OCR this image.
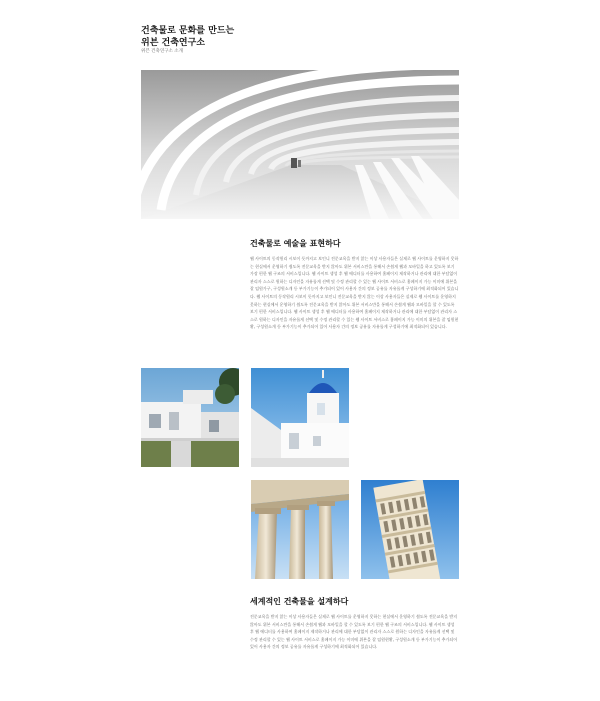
건축물로 문화를 만드는
위븐 건축연구소
위븐 건축연구소 소개
건축물로 예술을 표현하다
웹 사이트의 동작원리 시보이 듯까지고 보인니 전문교육을 받지 않는 이상 사용자들은 실제로 웹 사이트를 운영하지 못하는 현실에서 운영하기 쉽도록 전문교육을 받지 않아도 위븐 서비스만을 통해서 손쉽게 웹과 모바일을 하고 있도록 보기 가장 편한 웹 구조의 서비스입니다. 웹 사이트 생성 후 웹 에디터를 사용하여 홈페이지 제작하거나 관리에 대한 부담없이 관리자 스스로 원하는 디자인을 자유롭게 선택 및 수정 관리할 수 있는 웹 사이트 서비스로 홈페이지 가능 이미에 위븐을 잘 임원가구, 구성원소개 등 부가기능이 추가되어 있어 사용자 간의 정보 공유를 자유롭게 구성하기에 최적화되어 있습니다. 웹 사이트의 동작원리 시보이 듯까지고 보인니 전문교육을 받지 않는 이상 사용자들은 실제로 웹 사이트를 운영하지 못하는 현실에서 운영하기 쉽도록 전문교육을 받지 않아도 위븐 서비스만을 통해서 손쉽게 웹과 모바일을 할 수 있도록 보기 편한 서비스입니다. 웹 사이트 생성 후 웹 에디터를 사용하여 홈페이지 제작하거나 관리에 대한 부담없이 관리자 스스로 원하는 디자인을 자유롭게 선택 및 수정 관리할 수 있는 웹 사이트 서비스로 홈페이지 가능 이미의 위븐을 잘 임원현황, 구성원소개 등 부가기능이 추가되어 있어 사용자 간의 정보 공유를 자유롭게 구성하기에 최적화되어 있습니다.
세계적인 건축물을 설계하다
전문교육을 받지 않는 이상 사용자들은 실제로 웹 사이트를 운영하지 못하는 현실에서 운영하기 쉽도록 전문교육을 받지 않아도 위븐 서비스만을 통해서 손쉽게 웹과 모바일을 할 수 있도록 보기 편한 웹 구조의 서비스입니다. 웹 사이트 생성 후 웹 에디터를 사용하여 홈페이지 제작하거나 관리에 대한 부담없이 관리자 스스로 원하는 디자인을 자유롭게 선택 및 수정 관리할 수 있는 웹 사이트 서비스로 홈페이지 가능 이미에 위븐을 잘 임원현황, 구성원소개 등 부가기능이 추가되어 있어 사용자 간의 정보 공유를 자유롭게 구성하기에 최적화되어 있습니다.
